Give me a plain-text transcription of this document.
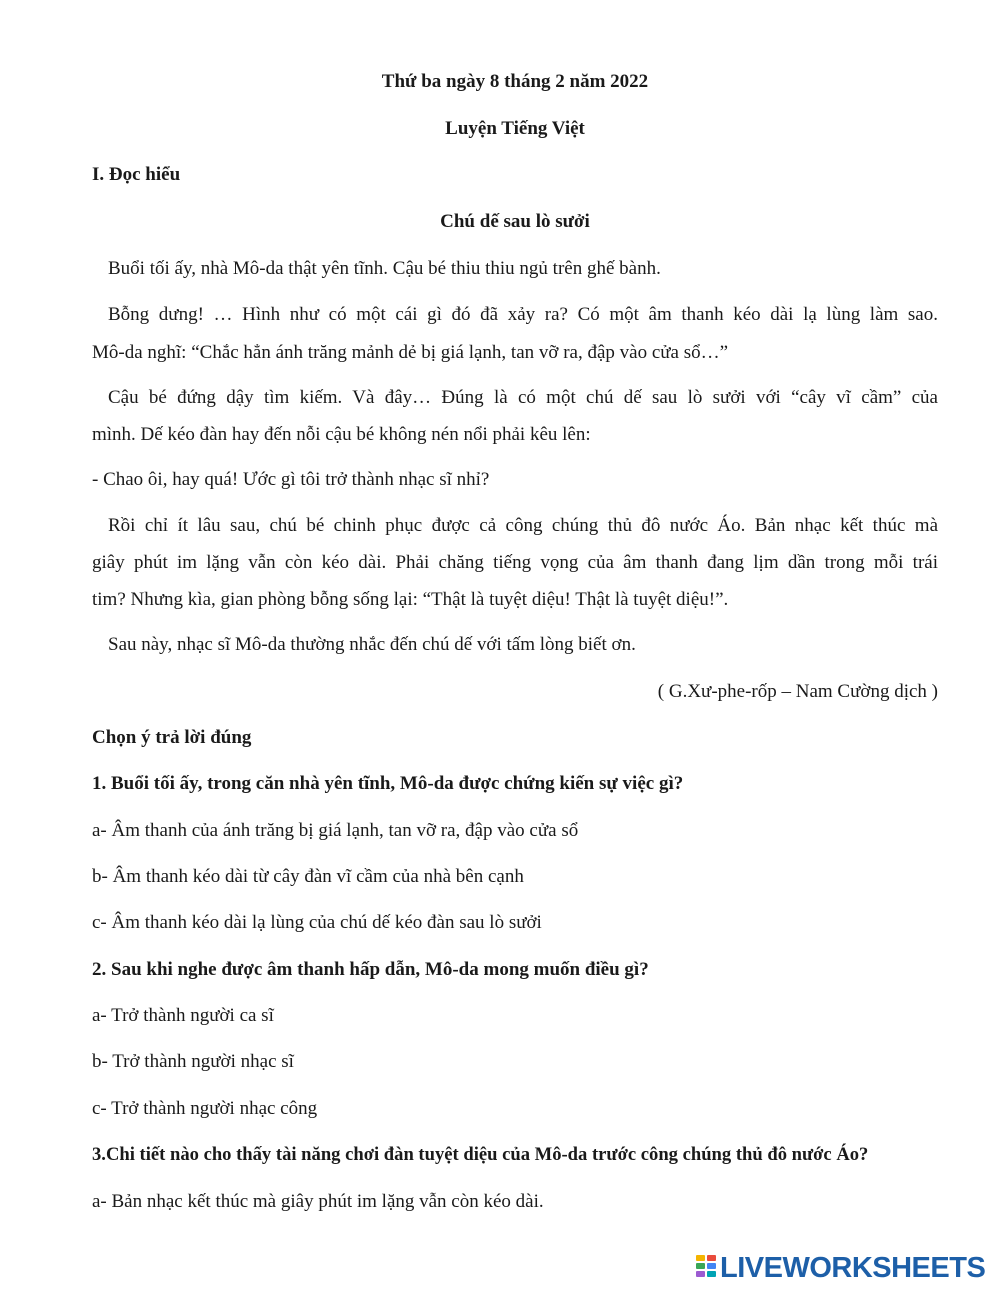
Thứ ba ngày 8 tháng 2 năm 2022
Luyện Tiếng Việt
I. Đọc hiểu
Chú dế sau lò sưởi
Buổi tối ấy, nhà Mô-da thật yên tĩnh. Cậu bé thiu thiu ngủ trên ghế bành.
Bỗng dưng! … Hình như có một cái gì đó đã xảy ra? Có một âm thanh kéo dài lạ lùng làm sao.
Mô-da nghĩ: “Chắc hẳn ánh trăng mảnh dẻ bị giá lạnh, tan vỡ ra, đập vào cửa sổ…”
Cậu bé đứng dậy tìm kiếm. Và đây… Đúng là có một chú dế sau lò sưởi với “cây vĩ cầm” của
mình. Dế kéo đàn hay đến nỗi cậu bé không nén nổi phải kêu lên:
- Chao ôi, hay quá! Ước gì tôi trở thành nhạc sĩ nhỉ?
Rồi chỉ ít lâu sau, chú bé chinh phục được cả công chúng thủ đô nước Áo. Bản nhạc kết thúc mà
giây phút im lặng vẫn còn kéo dài. Phải chăng tiếng vọng của âm thanh đang lịm dần trong mỗi trái
tim? Nhưng kìa, gian phòng bỗng sống lại: “Thật là tuyệt diệu! Thật là tuyệt diệu!”.
Sau này, nhạc sĩ Mô-da thường nhắc đến chú dế với tấm lòng biết ơn.
( G.Xư-phe-rốp – Nam Cường dịch )
Chọn ý trả lời đúng
1. Buổi tối ấy, trong căn nhà yên tĩnh, Mô-da được chứng kiến sự việc gì?
a- Âm thanh của ánh trăng bị giá lạnh, tan vỡ ra, đập vào cửa sổ
b- Âm thanh kéo dài từ cây đàn vĩ cầm của nhà bên cạnh
c- Âm thanh kéo dài lạ lùng của chú dế kéo đàn sau lò sưởi
2. Sau khi nghe được âm thanh hấp dẫn, Mô-da mong muốn điều gì?
a- Trở thành người ca sĩ
b- Trở thành người nhạc sĩ
c- Trở thành người nhạc công
3.Chi tiết nào cho thấy tài năng chơi đàn tuyệt diệu của Mô-da trước công chúng thủ đô nước Áo?
a- Bản nhạc kết thúc mà giây phút im lặng vẫn còn kéo dài.
LIVEWORKSHEETS
